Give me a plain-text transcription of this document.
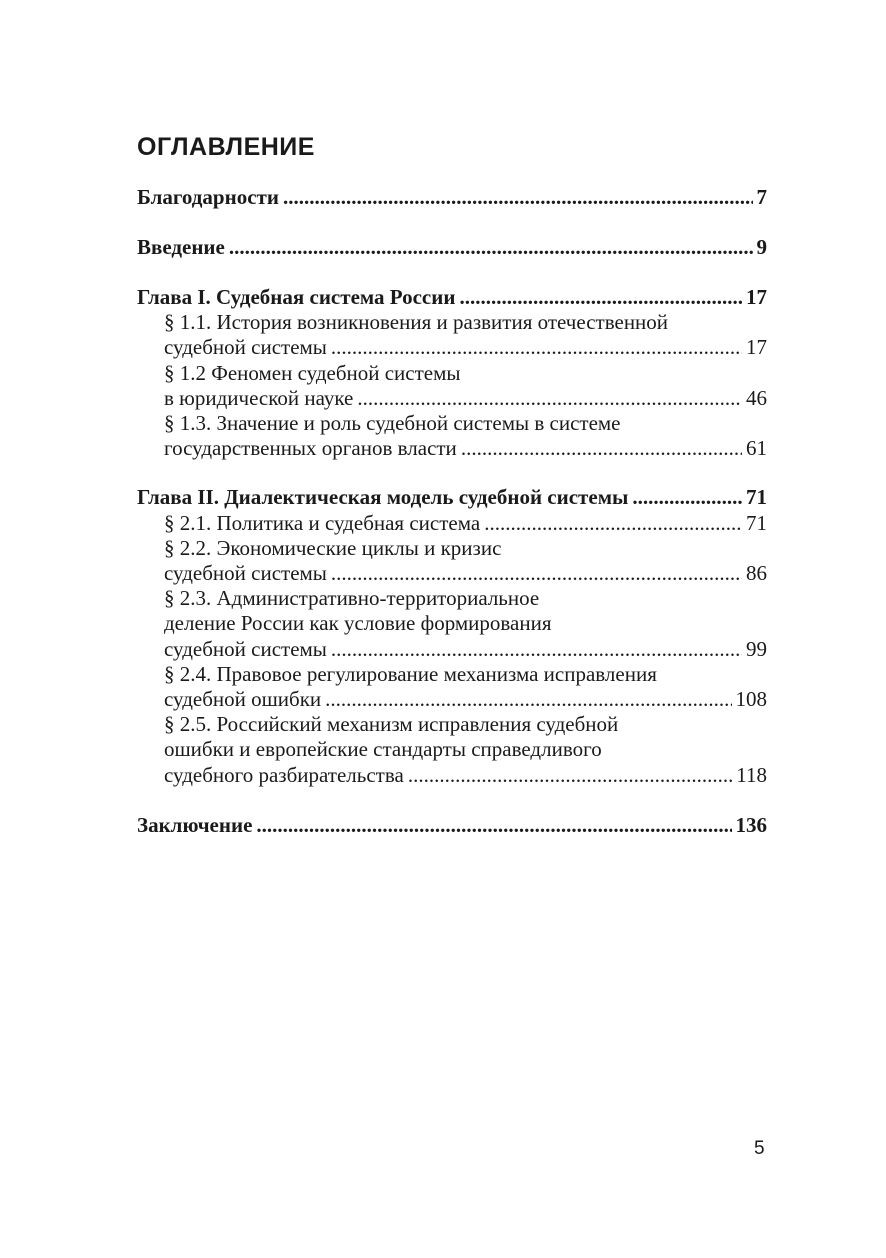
ОГЛАВЛЕНИЕ
Благодарности .....	7
Введение .....	9
Глава I. Судебная система России .....	17
§ 1.1. История возникновения и развития отечественной
судебной системы .....	17
§ 1.2 Феномен судебной системы
в юридической науке .....	46
§ 1.3. Значение и роль судебной системы в системе
государственных органов власти .....	61
Глава II. Диалектическая модель судебной системы .....	71
§ 2.1. Политика и судебная система .....	71
§ 2.2. Экономические циклы и кризис
судебной системы .....	86
§ 2.3. Административно-территориальное
деление России как условие формирования
судебной системы .....	99
§ 2.4. Правовое регулирование механизма исправления
судебной ошибки .....	108
§ 2.5. Российский механизм исправления судебной
ошибки и европейские стандарты справедливого
судебного разбирательства .....	118
Заключение .....	136
5
